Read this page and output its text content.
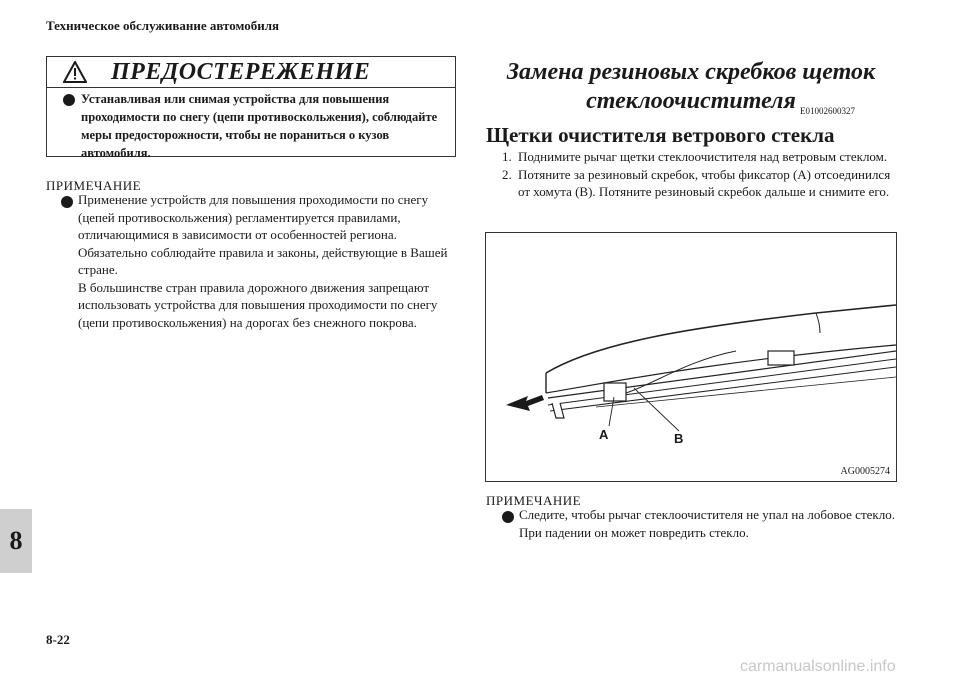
Техническое обслуживание автомобиля
ПРЕДОСТЕРЕЖЕНИЕ
Устанавливая или снимая устройства для повышения проходимости по снегу (цепи противоскольжения), соблюдайте меры предосторожности, чтобы не пораниться о кузов автомобиля.
ПРИМЕЧАНИЕ

Применение устройств для повышения проходимости по снегу (цепей противоскольжения) регламентируется правилами, отличающимися в зависимости от особенностей региона.

Обязательно соблюдайте правила и законы, действующие в Вашей стране.

В большинстве стран правила дорожного движения запрещают использовать устройства для повышения проходимости по снегу (цепи противоскольжения) на дорогах без снежного покрова.

Замена резиновых скребков щеток стеклоочистителя E01002600327
Щетки очистителя ветрового стекла
1. Поднимите рычаг щетки стеклоочистителя над ветровым стеклом.
2. Потяните за резиновый скребок, чтобы фиксатор (A) отсоединился от хомута (B). Потяните резиновый скребок дальше и снимите его.
A	B
AG0005274
ПРИМЕЧАНИЕ
Следите, чтобы рычаг стеклоочистителя не упал на лобовое стекло. При падении он может повредить стекло.
8
8-22
carmanualsonline.info
